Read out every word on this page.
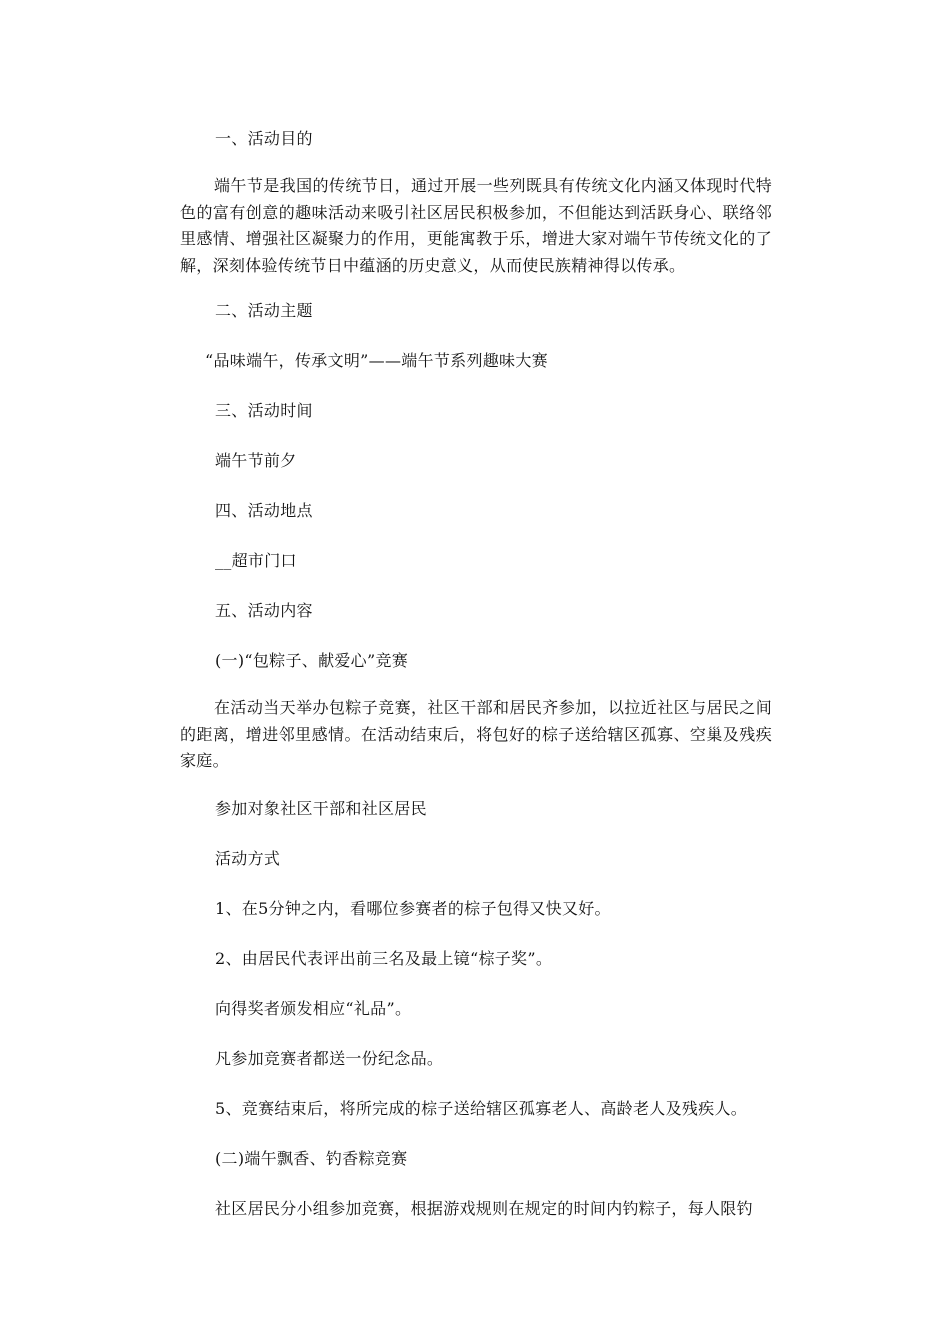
一、活动目的
端午节是我国的传统节日，通过开展一些列既具有传统文化内涵又体现时代特色的富有创意的趣味活动来吸引社区居民积极参加，不但能达到活跃身心、联络邻里感情、增强社区凝聚力的作用，更能寓教于乐，增进大家对端午节传统文化的了解，深刻体验传统节日中蕴涵的历史意义，从而使民族精神得以传承。
二、活动主题
“品味端午，传承文明”——端午节系列趣味大赛
三、活动时间
端午节前夕
四、活动地点
__超市门口
五、活动内容
(一)“包粽子、献爱心”竞赛
在活动当天举办包粽子竞赛，社区干部和居民齐参加，以拉近社区与居民之间的距离，增进邻里感情。在活动结束后，将包好的棕子送给辖区孤寡、空巢及残疾家庭。
参加对象社区干部和社区居民
活动方式
1、在5分钟之内，看哪位参赛者的棕子包得又快又好。
2、由居民代表评出前三名及最上镜“棕子奖”。
向得奖者颁发相应“礼品”。
凡参加竞赛者都送一份纪念品。
5、竞赛结束后，将所完成的棕子送给辖区孤寡老人、高龄老人及残疾人。
(二)端午飘香、钓香粽竞赛
社区居民分小组参加竞赛，根据游戏规则在规定的时间内钓粽子，每人限钓
